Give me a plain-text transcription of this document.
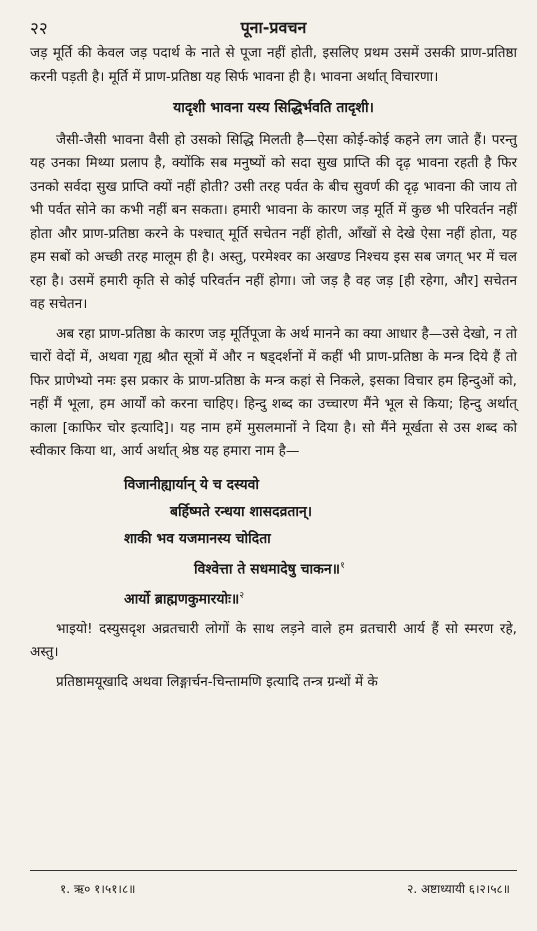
२२	पूना-प्रवचन

जड़ मूर्ति की केवल जड़ पदार्थ के नाते से पूजा नहीं होती, इसलिए प्रथम उसमें उसकी प्राण-प्रतिष्ठा करनी पड़ती है। मूर्ति में प्राण-प्रतिष्ठा यह सिर्फ भावना ही है। भावना अर्थात् विचारणा।

यादृशी भावना यस्य सिद्धिर्भवति तादृशी।

जैसी-जैसी भावना वैसी हो उसको सिद्धि मिलती है—ऐसा कोई-कोई कहने लग जाते हैं। परन्तु यह उनका मिथ्या प्रलाप है, क्योंकि सब मनुष्यों को सदा सुख प्राप्ति की दृढ़ भावना रहती है फिर उनको सर्वदा सुख प्राप्ति क्यों नहीं होती? उसी तरह पर्वत के बीच सुवर्ण की दृढ़ भावना की जाय तो भी पर्वत सोने का कभी नहीं बन सकता। हमारी भावना के कारण जड़ मूर्ति में कुछ भी परिवर्तन नहीं होता और प्राण-प्रतिष्ठा करने के पश्चात् मूर्ति सचेतन नहीं होती, आँखों से देखे ऐसा नहीं होता, यह हम सबों को अच्छी तरह मालूम ही है। अस्तु, परमेश्वर का अखण्ड निश्चय इस सब जगत् भर में चल रहा है। उसमें हमारी कृति से कोई परिवर्तन नहीं होगा। जो जड़ है वह जड़ [ही रहेगा, और] सचेतन वह सचेतन।

अब रहा प्राण-प्रतिष्ठा के कारण जड़ मूर्तिपूजा के अर्थ मानने का क्या आधार है—उसे देखो, न तो चारों वेदों में, अथवा गृह्य श्रौत सूत्रों में और न षड्दर्शनों में कहीं भी प्राण-प्रतिष्ठा के मन्त्र दिये हैं तो फिर प्राणेभ्यो नमः इस प्रकार के प्राण-प्रतिष्ठा के मन्त्र कहां से निकले, इसका विचार हम हिन्दुओं को, नहीं मैं भूला, हम आर्यों को करना चाहिए। हिन्दु शब्द का उच्चारण मैंने भूल से किया; हिन्दु अर्थात् काला [काफिर चोर इत्यादि]। यह नाम हमें मुसलमानों ने दिया है। सो मैंने मूर्खता से उस शब्द को स्वीकार किया था, आर्य अर्थात् श्रेष्ठ यह हमारा नाम है—

विजानीह्यार्यान् ये च दस्यवो
बर्हिष्मते रन्धया शासदव्रतान्।
शाकी भव यजमानस्य चोदिता
विश्वेत्ता ते सधमादेषु चाकन॥$^१$
आर्यो ब्राह्मणकुमारयोः॥$^२$

भाइयो! दस्युसदृश अव्रतचारी लोगों के साथ लड़ने वाले हम व्रतचारी आर्य हैं सो स्मरण रहे, अस्तु।

प्रतिष्ठामयूखादि अथवा लिङ्गार्चन-चिन्तामणि इत्यादि तन्त्र ग्रन्थों में के

१. ऋ० १।५१।८॥	२. अष्टाध्यायी ६।२।५८॥
